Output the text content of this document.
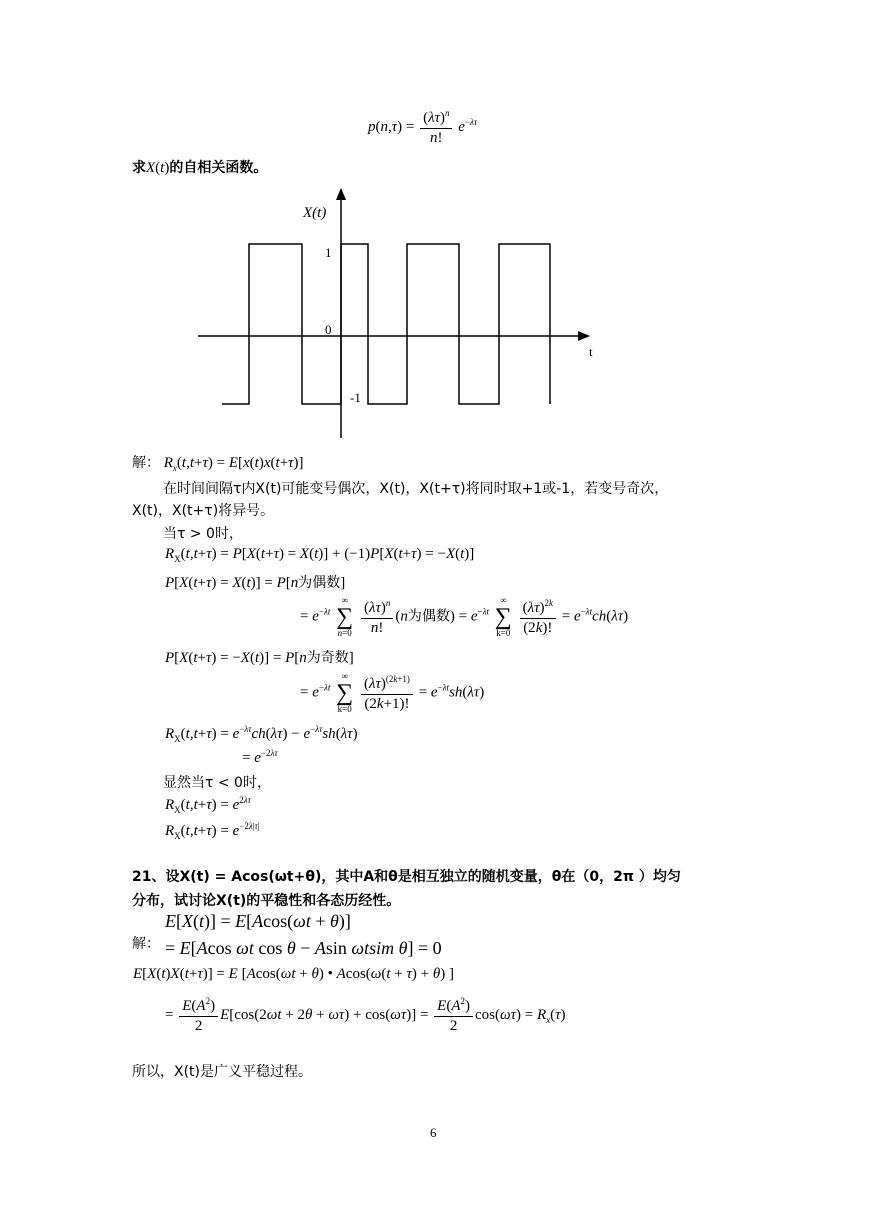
$p(n,\tau) = \frac{(\lambda\tau)^n}{n!} e^{-\lambda\tau}$
求X(t)的自相关函数。
X(t)
1
0
-1
t
解： $R_x(t,t+\tau) = E[x(t)x(t+\tau)]$
在时间间隔τ内X(t)可能变号偶次，X(t)，X(t+τ)将同时取+1或-1，若变号奇次，
X(t)，X(t+τ)将异号。
当τ > 0时，
$R_X(t,t+\tau) = P[X(t+\tau) = X(t)] + (-1)P[X(t+\tau) = -X(t)]$
P[X(t+τ) = X(t)] = P[n为偶数]
= $e^{-\lambda t}$
∞
∑
n=0
$\frac{(\lambda\tau)^n}{n!} (n$为偶数) = $e^{-\lambda t}$
∞
∑
k=0
$\frac{(\lambda\tau)^{2k}}{(2k)!} = e^{-\lambda t}ch(\lambda\tau)$
P[X(t+τ) = −X(t)] = P[n为奇数]
= $e^{-\lambda t}$
∞
∑
k=0
$\frac{(\lambda\tau)^{(2k+1)}}{(2k+1)!} = e^{-\lambda t}sh(\lambda\tau)$
$R_X(t,t+\tau) = e^{-\lambda\tau}ch(\lambda\tau) - e^{-\lambda\tau}sh(\lambda\tau)$
= $e^{-2\lambda\tau}$
显然当τ < 0时，
$R_X(t,t+\tau) = e^{2\lambda\tau}$
$R_X(t,t+\tau) = e^{-2\lambda|\tau|}$
21、设X(t) = Acos(ωt+θ)，其中A和θ是相互独立的随机变量，θ在（0，2π ）均匀
分布，试讨论X(t)的平稳性和各态历经性。
解：
E[X(t)] = E[Acos(ωt + θ)]
= E[Acos ωt cos θ − Asin ωtsim θ] = 0
E[X(t)X(t+τ)] = E [Acos(ωt + θ) • Acos(ω(t + τ) + θ) ]
= $\frac{E(A^2)}{2} E[\cos(2\omega t + 2\theta + \omega\tau) + \cos(\omega\tau)] = \frac{E(A^2)}{2} \cos(\omega\tau) = R_x(\tau)$
所以，X(t)是广义平稳过程。
6
